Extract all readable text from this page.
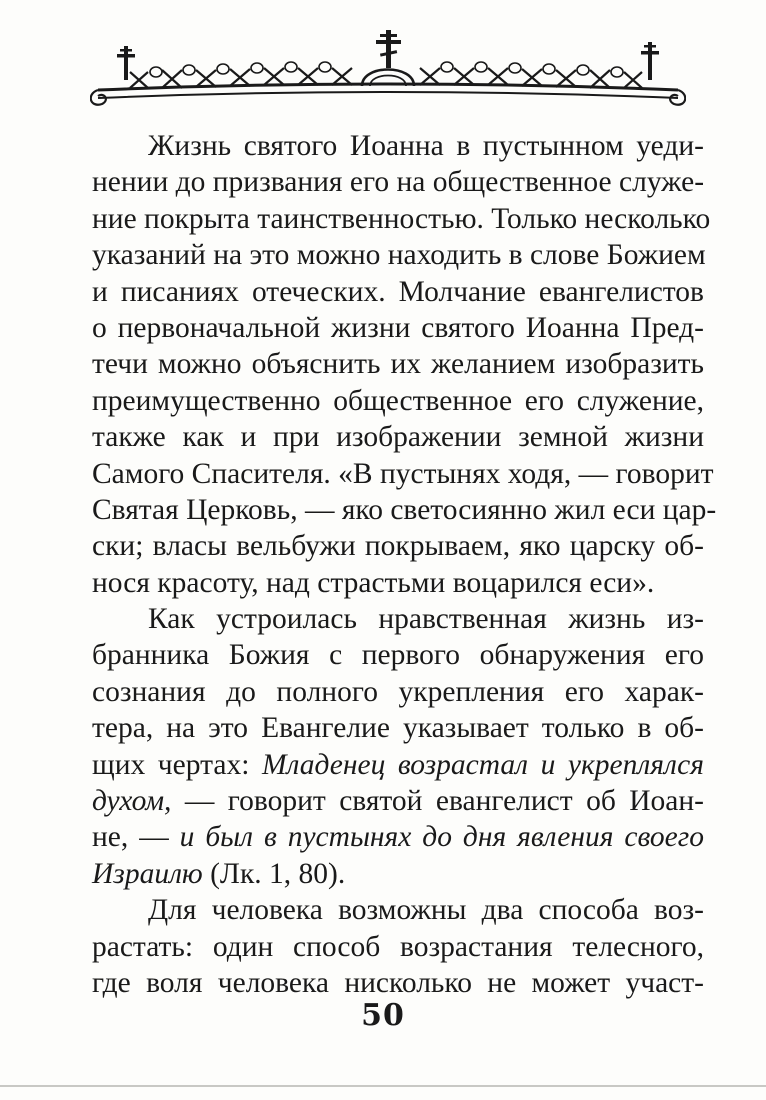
Жизнь святого Иоанна в пустынном уеди-
нении до призвания его на общественное служе-
ние покрыта таинственностью. Только несколько
указаний на это можно находить в слове Божием
и писаниях отеческих. Молчание евангелистов
о первоначальной жизни святого Иоанна Пред-
течи можно объяснить их желанием изобразить
преимущественно общественное его служение,
также как и при изображении земной жизни
Самого Спасителя. «В пустынях ходя, — говорит
Святая Церковь, — яко светосиянно жил еси цар-
ски; власы вельбужи покрываем, яко царску об-
нося красоту, над страстьми воцарился еси».
Как устроилась нравственная жизнь из-
бранника Божия с первого обнаружения его
сознания до полного укрепления его харак-
тера, на это Евангелие указывает только в об-
щих чертах: Младенец возрастал и укреплялся
духом, — говорит святой евангелист об Иоан-
не, — и был в пустынях до дня явления своего
Израилю (Лк. 1, 80).
Для человека возможны два способа воз-
растать: один способ возрастания телесного,
где воля человека нисколько не может участ-
50
